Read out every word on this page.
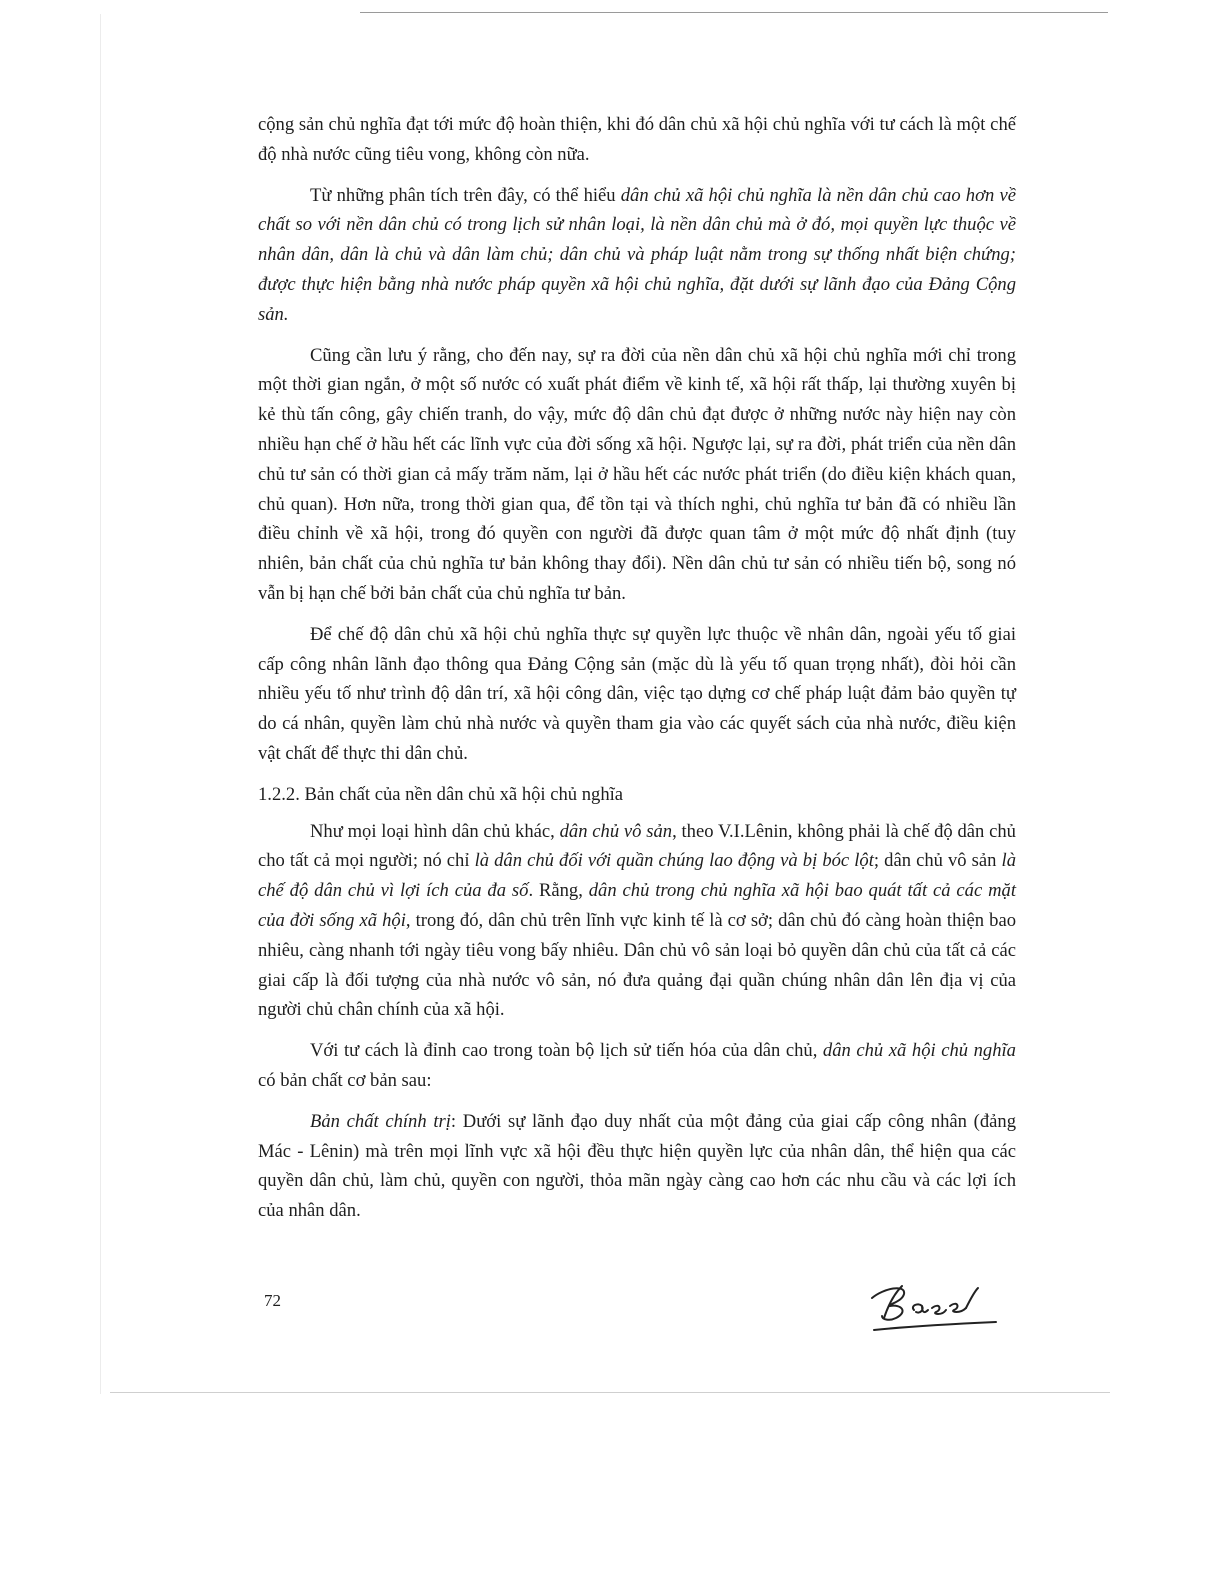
cộng sản chủ nghĩa đạt tới mức độ hoàn thiện, khi đó dân chủ xã hội chủ nghĩa với tư cách là một chế độ nhà nước cũng tiêu vong, không còn nữa.

Từ những phân tích trên đây, có thể hiểu dân chủ xã hội chủ nghĩa là nền dân chủ cao hơn về chất so với nền dân chủ có trong lịch sử nhân loại, là nền dân chủ mà ở đó, mọi quyền lực thuộc về nhân dân, dân là chủ và dân làm chủ; dân chủ và pháp luật nằm trong sự thống nhất biện chứng; được thực hiện bằng nhà nước pháp quyền xã hội chủ nghĩa, đặt dưới sự lãnh đạo của Đảng Cộng sản.

Cũng cần lưu ý rằng, cho đến nay, sự ra đời của nền dân chủ xã hội chủ nghĩa mới chỉ trong một thời gian ngắn, ở một số nước có xuất phát điểm về kinh tế, xã hội rất thấp, lại thường xuyên bị kẻ thù tấn công, gây chiến tranh, do vậy, mức độ dân chủ đạt được ở những nước này hiện nay còn nhiều hạn chế ở hầu hết các lĩnh vực của đời sống xã hội. Ngược lại, sự ra đời, phát triển của nền dân chủ tư sản có thời gian cả mấy trăm năm, lại ở hầu hết các nước phát triển (do điều kiện khách quan, chủ quan). Hơn nữa, trong thời gian qua, để tồn tại và thích nghi, chủ nghĩa tư bản đã có nhiều lần điều chỉnh về xã hội, trong đó quyền con người đã được quan tâm ở một mức độ nhất định (tuy nhiên, bản chất của chủ nghĩa tư bản không thay đổi). Nền dân chủ tư sản có nhiều tiến bộ, song nó vẫn bị hạn chế bởi bản chất của chủ nghĩa tư bản.

Để chế độ dân chủ xã hội chủ nghĩa thực sự quyền lực thuộc về nhân dân, ngoài yếu tố giai cấp công nhân lãnh đạo thông qua Đảng Cộng sản (mặc dù là yếu tố quan trọng nhất), đòi hỏi cần nhiều yếu tố như trình độ dân trí, xã hội công dân, việc tạo dựng cơ chế pháp luật đảm bảo quyền tự do cá nhân, quyền làm chủ nhà nước và quyền tham gia vào các quyết sách của nhà nước, điều kiện vật chất để thực thi dân chủ.

1.2.2. Bản chất của nền dân chủ xã hội chủ nghĩa

Như mọi loại hình dân chủ khác, dân chủ vô sản, theo V.I.Lênin, không phải là chế độ dân chủ cho tất cả mọi người; nó chỉ là dân chủ đối với quần chúng lao động và bị bóc lột; dân chủ vô sản là chế độ dân chủ vì lợi ích của đa số. Rằng, dân chủ trong chủ nghĩa xã hội bao quát tất cả các mặt của đời sống xã hội, trong đó, dân chủ trên lĩnh vực kinh tế là cơ sở; dân chủ đó càng hoàn thiện bao nhiêu, càng nhanh tới ngày tiêu vong bấy nhiêu. Dân chủ vô sản loại bỏ quyền dân chủ của tất cả các giai cấp là đối tượng của nhà nước vô sản, nó đưa quảng đại quần chúng nhân dân lên địa vị của người chủ chân chính của xã hội.

Với tư cách là đỉnh cao trong toàn bộ lịch sử tiến hóa của dân chủ, dân chủ xã hội chủ nghĩa có bản chất cơ bản sau:

Bản chất chính trị: Dưới sự lãnh đạo duy nhất của một đảng của giai cấp công nhân (đảng Mác - Lênin) mà trên mọi lĩnh vực xã hội đều thực hiện quyền lực của nhân dân, thể hiện qua các quyền dân chủ, làm chủ, quyền con người, thỏa mãn ngày càng cao hơn các nhu cầu và các lợi ích của nhân dân.

72
